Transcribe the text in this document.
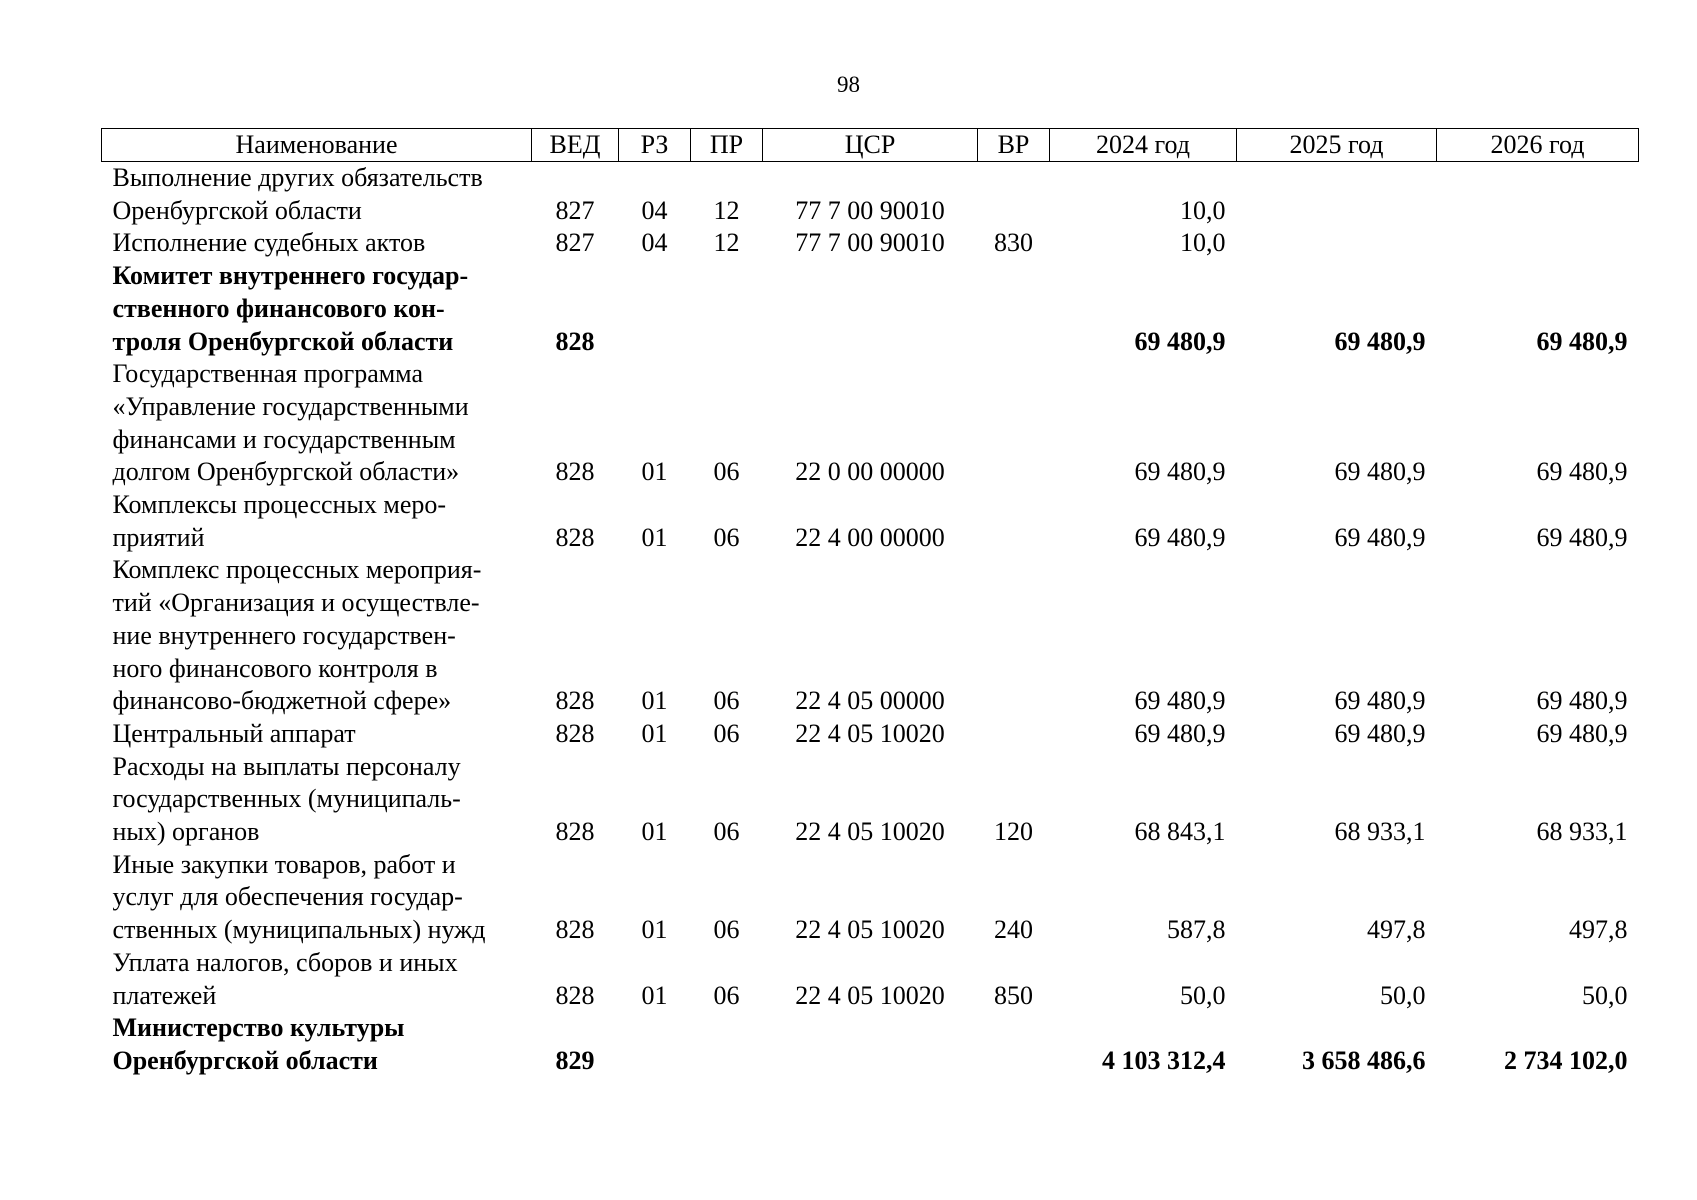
98
Наименование	ВЕД	РЗ	ПР	ЦСР	ВР	2024 год	2025 год	2026 год

Выполнение других обязательств
Оренбургской области	827	04	12	77 7 00 90010		10,0		

Исполнение судебных актов	827	04	12	77 7 00 90010	830	10,0		

Комитет внутреннего государ-
ственного финансового кон-
троля Оренбургской области	828					69 480,9	69 480,9	69 480,9

Государственная программа
«Управление государственными
финансами и государственным
долгом Оренбургской области»	828	01	06	22 0 00 00000		69 480,9	69 480,9	69 480,9

Комплексы процессных меро-
приятий	828	01	06	22 4 00 00000		69 480,9	69 480,9	69 480,9

Комплекс процессных мероприя-
тий «Организация и осуществле-
ние внутреннего государствен-
ного финансового контроля в
финансово-бюджетной сфере»	828	01	06	22 4 05 00000		69 480,9	69 480,9	69 480,9

Центральный аппарат	828	01	06	22 4 05 10020		69 480,9	69 480,9	69 480,9

Расходы на выплаты персоналу
государственных (муниципаль-
ных) органов	828	01	06	22 4 05 10020	120	68 843,1	68 933,1	68 933,1

Иные закупки товаров, работ и
услуг для обеспечения государ-
ственных (муниципальных) нужд	828	01	06	22 4 05 10020	240	587,8	497,8	497,8

Уплата налогов, сборов и иных
платежей	828	01	06	22 4 05 10020	850	50,0	50,0	50,0

Министерство культуры
Оренбургской области	829					4 103 312,4	3 658 486,6	2 734 102,0
